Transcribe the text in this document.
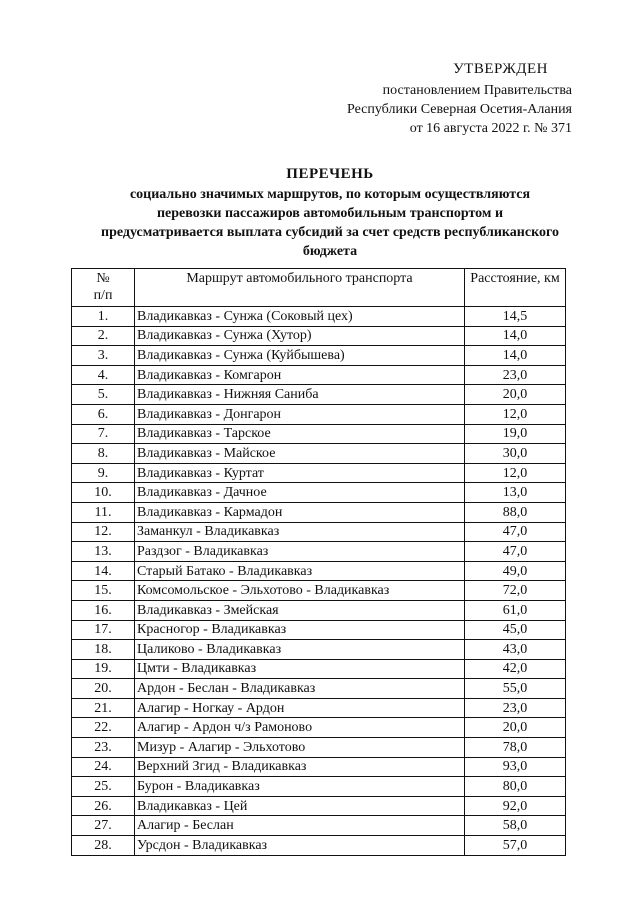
УТВЕРЖДЕН
постановлением Правительства
Республики Северная Осетия-Алания
от 16 августа 2022 г. № 371
ПЕРЕЧЕНЬ
социально значимых маршрутов, по которым осуществляются
перевозки пассажиров автомобильным транспортом и
предусматривается выплата субсидий за счет средств республиканского
бюджета
№
п/п	Маршрут автомобильного транспорта	Расстояние, км
1.	Владикавказ - Сунжа (Соковый цех)	14,5
2.	Владикавказ - Сунжа (Хутор)	14,0
3.	Владикавказ - Сунжа (Куйбышева)	14,0
4.	Владикавказ - Комгарон	23,0
5.	Владикавказ - Нижняя Саниба	20,0
6.	Владикавказ - Донгарон	12,0
7.	Владикавказ - Тарское	19,0
8.	Владикавказ - Майское	30,0
9.	Владикавказ - Куртат	12,0
10.	Владикавказ - Дачное	13,0
11.	Владикавказ - Кармадон	88,0
12.	Заманкул - Владикавказ	47,0
13.	Раздзог - Владикавказ	47,0
14.	Старый Батако - Владикавказ	49,0
15.	Комсомольское - Эльхотово - Владикавказ	72,0
16.	Владикавказ - Змейская	61,0
17.	Красногор - Владикавказ	45,0
18.	Цаликово - Владикавказ	43,0
19.	Цмти - Владикавказ	42,0
20.	Ардон - Беслан - Владикавказ	55,0
21.	Алагир - Ногкау - Ардон	23,0
22.	Алагир - Ардон ч/з Рамоново	20,0
23.	Мизур - Алагир - Эльхотово	78,0
24.	Верхний Згид - Владикавказ	93,0
25.	Бурон - Владикавказ	80,0
26.	Владикавказ - Цей	92,0
27.	Алагир - Беслан	58,0
28.	Урсдон - Владикавказ	57,0
